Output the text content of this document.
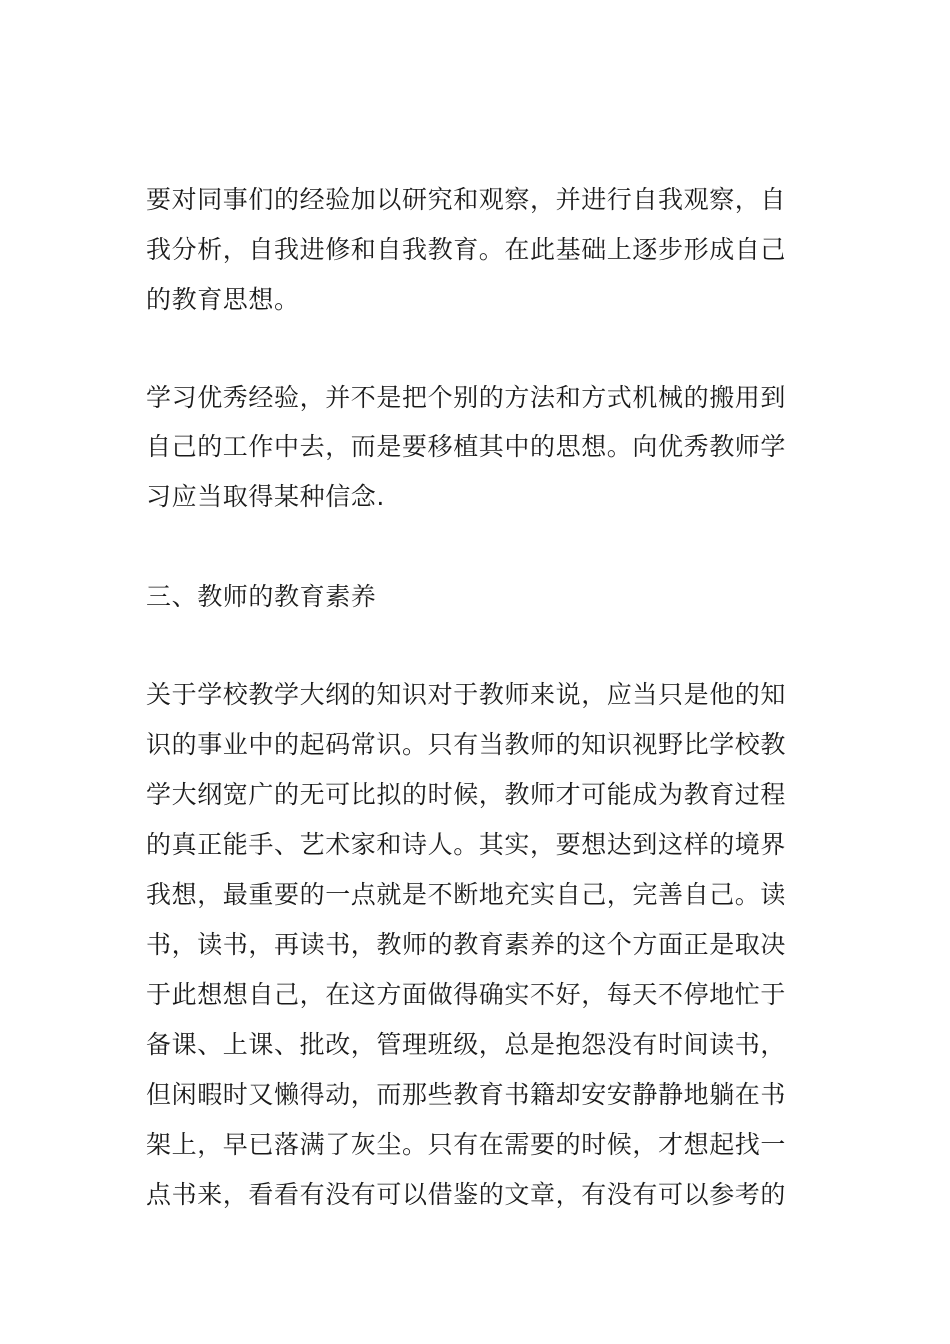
要对同事们的经验加以研究和观察，并进行自我观察，自
我分析，自我进修和自我教育。在此基础上逐步形成自己
的教育思想。
学习优秀经验，并不是把个别的方法和方式机械的搬用到
自己的工作中去，而是要移植其中的思想。向优秀教师学
习应当取得某种信念.
三、教师的教育素养
关于学校教学大纲的知识对于教师来说，应当只是他的知
识的事业中的起码常识。只有当教师的知识视野比学校教
学大纲宽广的无可比拟的时候，教师才可能成为教育过程
的真正能手、艺术家和诗人。其实，要想达到这样的境界
我想，最重要的一点就是不断地充实自己，完善自己。读
书，读书，再读书，教师的教育素养的这个方面正是取决
于此想想自己，在这方面做得确实不好，每天不停地忙于
备课、上课、批改，管理班级，总是抱怨没有时间读书，
但闲暇时又懒得动，而那些教育书籍却安安静静地躺在书
架上，早已落满了灰尘。只有在需要的时候，才想起找一
点书来，看看有没有可以借鉴的文章，有没有可以参考的
